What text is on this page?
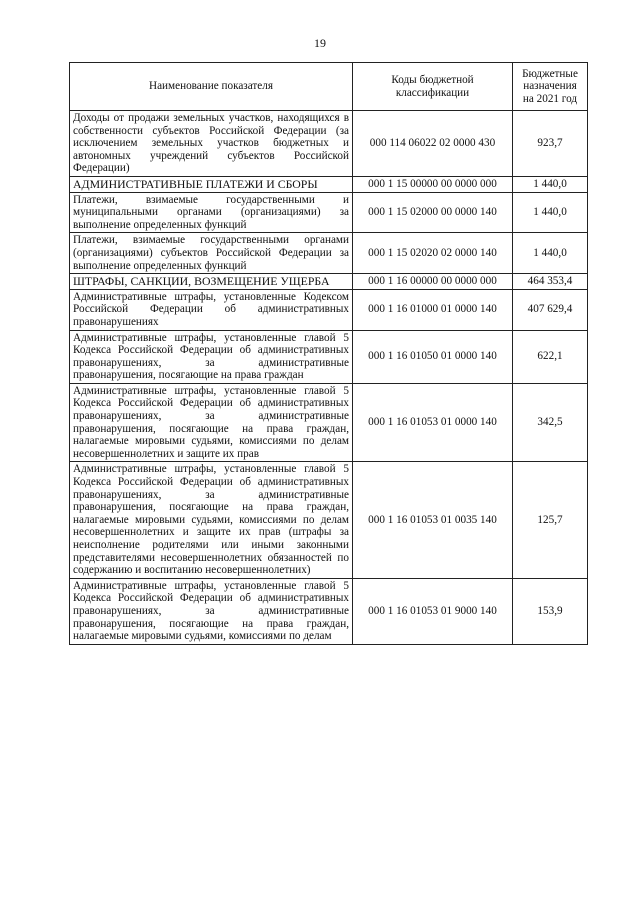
19
Наименование показателя	Коды бюджетной классификации	Бюджетные назначения на 2021 год
Доходы от продажи земельных участков, находящихся в собственности субъектов Российской Федерации (за исключением земельных участков бюджетных и автономных учреждений субъектов Российской Федерации)	000 114 06022 02 0000 430	923,7
АДМИНИСТРАТИВНЫЕ ПЛАТЕЖИ И СБОРЫ	000 1 15 00000 00 0000 000	1 440,0
Платежи, взимаемые государственными и муниципальными органами (организациями) за выполнение определенных функций	000 1 15 02000 00 0000 140	1 440,0
Платежи, взимаемые государственными органами (организациями) субъектов Российской Федерации за выполнение определенных функций	000 1 15 02020 02 0000 140	1 440,0
ШТРАФЫ, САНКЦИИ, ВОЗМЕЩЕНИЕ УЩЕРБА	000 1 16 00000 00 0000 000	464 353,4
Административные штрафы, установленные Кодексом Российской Федерации об административных правонарушениях	000 1 16 01000 01 0000 140	407 629,4
Административные штрафы, установленные главой 5 Кодекса Российской Федерации об административных правонарушениях, за административные правонарушения, посягающие на права граждан	000 1 16 01050 01 0000 140	622,1
Административные штрафы, установленные главой 5 Кодекса Российской Федерации об административных правонарушениях, за административные правонарушения, посягающие на права граждан, налагаемые мировыми судьями, комиссиями по делам несовершеннолетних и защите их прав	000 1 16 01053 01 0000 140	342,5
Административные штрафы, установленные главой 5 Кодекса Российской Федерации об административных правонарушениях, за административные правонарушения, посягающие на права граждан, налагаемые мировыми судьями, комиссиями по делам несовершеннолетних и защите их прав (штрафы за неисполнение родителями или иными законными представителями несовершеннолетних обязанностей по содержанию и воспитанию несовершеннолетних)	000 1 16 01053 01 0035 140	125,7
Административные штрафы, установленные главой 5 Кодекса Российской Федерации об административных правонарушениях, за административные правонарушения, посягающие на права граждан, налагаемые мировыми судьями, комиссиями по делам	000 1 16 01053 01 9000 140	153,9
